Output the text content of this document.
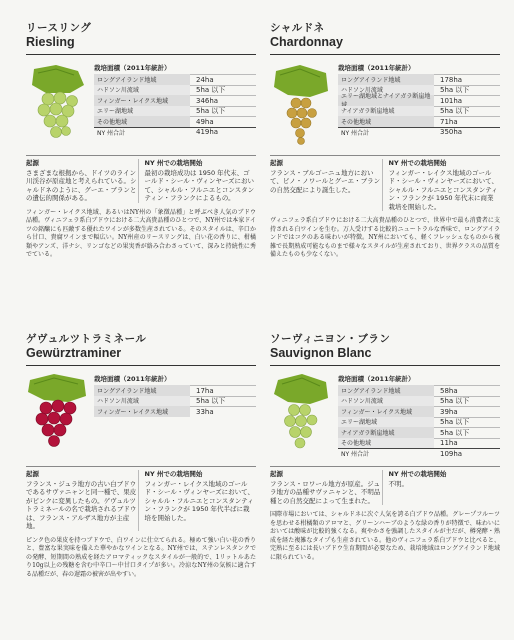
リースリング
Riesling
栽培面積（2011年統計）
ロングアイランド地域	24ha
ハドソン川流域	5ha 以下
フィンガー・レイクス地域	346ha
エリー湖地域	5ha 以下
その他地域	49ha
NY 州合計	419ha
起源
さまざまな根拠から、ドイツのライン川渓谷が原産地と考えられている。シャルドネのように、グーエ・ブランとの遺伝的関係がある。
NY 州での栽培開始
最初の栽培成功は 1950 年代末、ゴールド・シール・ヴィンヤーズにおいて、シャルル・フルニエとコンスタンティン・フランクによるもの。
フィンガー・レイクス地域、あるいはNY州の「象徴品種」と呼ぶべき人気のブドウ品種。ヴィニフェラ系白ブドウにおける二大高貴品種のひとつで、NY州では本家ドイツの銘醸にも匹敵する優れたワインが多数生産されている。そのスタイルは、辛口から甘口、貴腐ワインまで幅広い。NY州産のリースリングは、白い花の香りに、柑橘類やアンズ、洋ナシ、リンゴなどの果実香が絡み合わさっていて、深みと持続性に秀でている。
シャルドネ
Chardonnay
栽培面積（2011年統計）
ロングアイランド地域	178ha
ハドソン川流域	5ha 以下
エリー湖地域とナイアガラ断崖地	101ha
ナイアガラ断崖地域	5ha 以下
その他地域	71ha
NY 州合計	350ha
起源
フランス・ブルゴーニュ地方において、ピノ・ノワールとグーエ・ブランの自然交配により誕生した。
NY 州での栽培開始
フィンガー・レイクス地域のゴールド・シール・ヴィンヤーズにおいて、シャルル・フルニエとコンスタンティン・フランクが 1950 年代末に商業栽培を開始した。
ヴィニフェラ系白ブドウにおける二大高貴品種のひとつで、世界中で最も消費者に支持される白ワインを生む。万人受けする比較的ニュートラルな香味で、ロングアイランドではコクのある味わいが特徴。NY州においても、軽くフレッシュなものから複雑で長期熟成可能なものまで様々なスタイルが生産されており、世界クラスの品質を備えたものも少なくない。
ゲヴュルツトラミネール
Gewürztraminer
栽培面積（2011年統計）
ロングアイランド地域	17ha
ハドソン川流域	5ha 以下
フィンガー・レイクス地域	33ha
起源
フランス・ジュラ地方の古い白ブドウであるサヴァニャンと同一種で、果皮がピンクに変異したもの。ゲヴュルツトラミネールの名で栽培されるブドウは、フランス・アルザス地方が主産地。
NY 州での栽培開始
フィンガー・レイクス地域のゴールド・シール・ヴィンヤーズにおいて、シャルル・フルニエとコンスタンティン・フランクが 1950 年代半ばに栽培を開始した。
ピンク色の果皮を持つブドウで、白ワインに仕立てられる。極めて強い白い花の香りと、豊富な果実味を備えた華やかなワインとなる。NY州では、ステンレスタンクでの発酵、短期間の熟成を経たアロマティックなスタイルが一般的で、1リットルあたり10g以上の残糖を含む中辛口〜中甘口タイプが多い。冷涼なNY州の気候に適合する品種だが、春の遅霜の被害が出やすい。
ソーヴィニヨン・ブラン
Sauvignon Blanc
栽培面積（2011年統計）
ロングアイランド地域	58ha
ハドソン川流域	5ha 以下
フィンガー・レイクス地域	39ha
エリー湖地域	5ha 以下
ナイアガラ断崖地域	5ha 以下
その他地域	11ha
NY 州合計	109ha
起源
フランス・ロワール地方が原産。ジュラ地方の品種サヴァニャンと、不明品種との自然交配によって生まれた。
NY 州での栽培開始
不明。
国際市場においては、シャルドネに次ぐ人気を誇る白ブドウ品種。グレープフルーツを思わせる柑橘類のアロマと、グリーンハーブのような緑の香りが特徴で、味わいにおいては酸味が比較的強くなる。爽やかさを強調したスタイルが主だが、樽発酵・熟成を経た複雑なタイプも生産されている。他のヴィニフェラ系白ブドウと比べると、完熟に至るには長いブドウ生育期間が必要なため、栽培地域はロングアイランド地域に限られている。
